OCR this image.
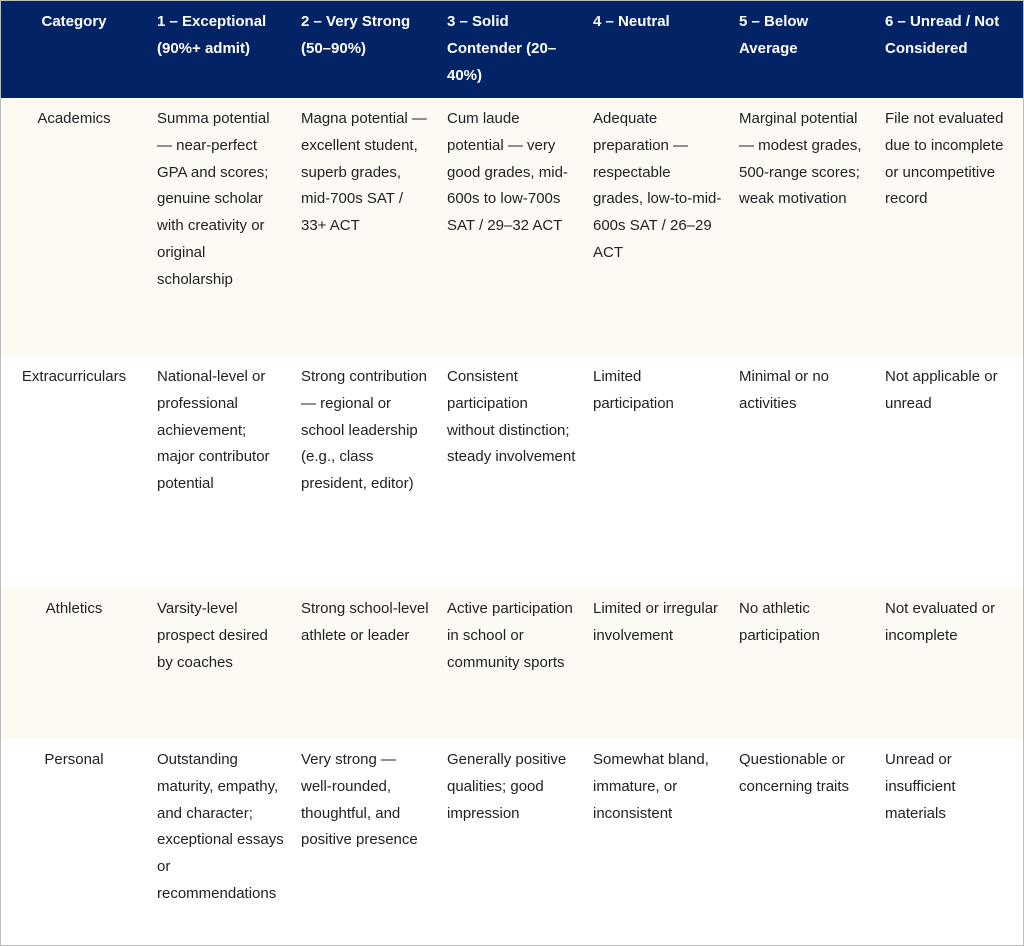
Category	1 – Exceptional (90%+ admit)	2 – Very Strong (50–90%)	3 – Solid Contender (20–40%)	4 – Neutral	5 – Below Average	6 – Unread / Not Considered
Academics	Summa potential — near-perfect GPA and scores; genuine scholar with creativity or original scholarship	Magna potential — excellent student, superb grades, mid-700s SAT / 33+ ACT	Cum laude potential — very good grades, mid-600s to low-700s SAT / 29–32 ACT	Adequate preparation — respectable grades, low-to-mid-600s SAT / 26–29 ACT	Marginal potential — modest grades, 500-range scores; weak motivation	File not evaluated due to incomplete or uncompetitive record
Extracurriculars	National-level or professional achievement; major contributor potential	Strong contribution — regional or school leadership (e.g., class president, editor)	Consistent participation without distinction; steady involvement	Limited participation	Minimal or no activities	Not applicable or unread
Athletics	Varsity-level prospect desired by coaches	Strong school-level athlete or leader	Active participation in school or community sports	Limited or irregular involvement	No athletic participation	Not evaluated or incomplete
Personal	Outstanding maturity, empathy, and character; exceptional essays or recommendations	Very strong — well-rounded, thoughtful, and positive presence	Generally positive qualities; good impression	Somewhat bland, immature, or inconsistent	Questionable or concerning traits	Unread or insufficient materials
